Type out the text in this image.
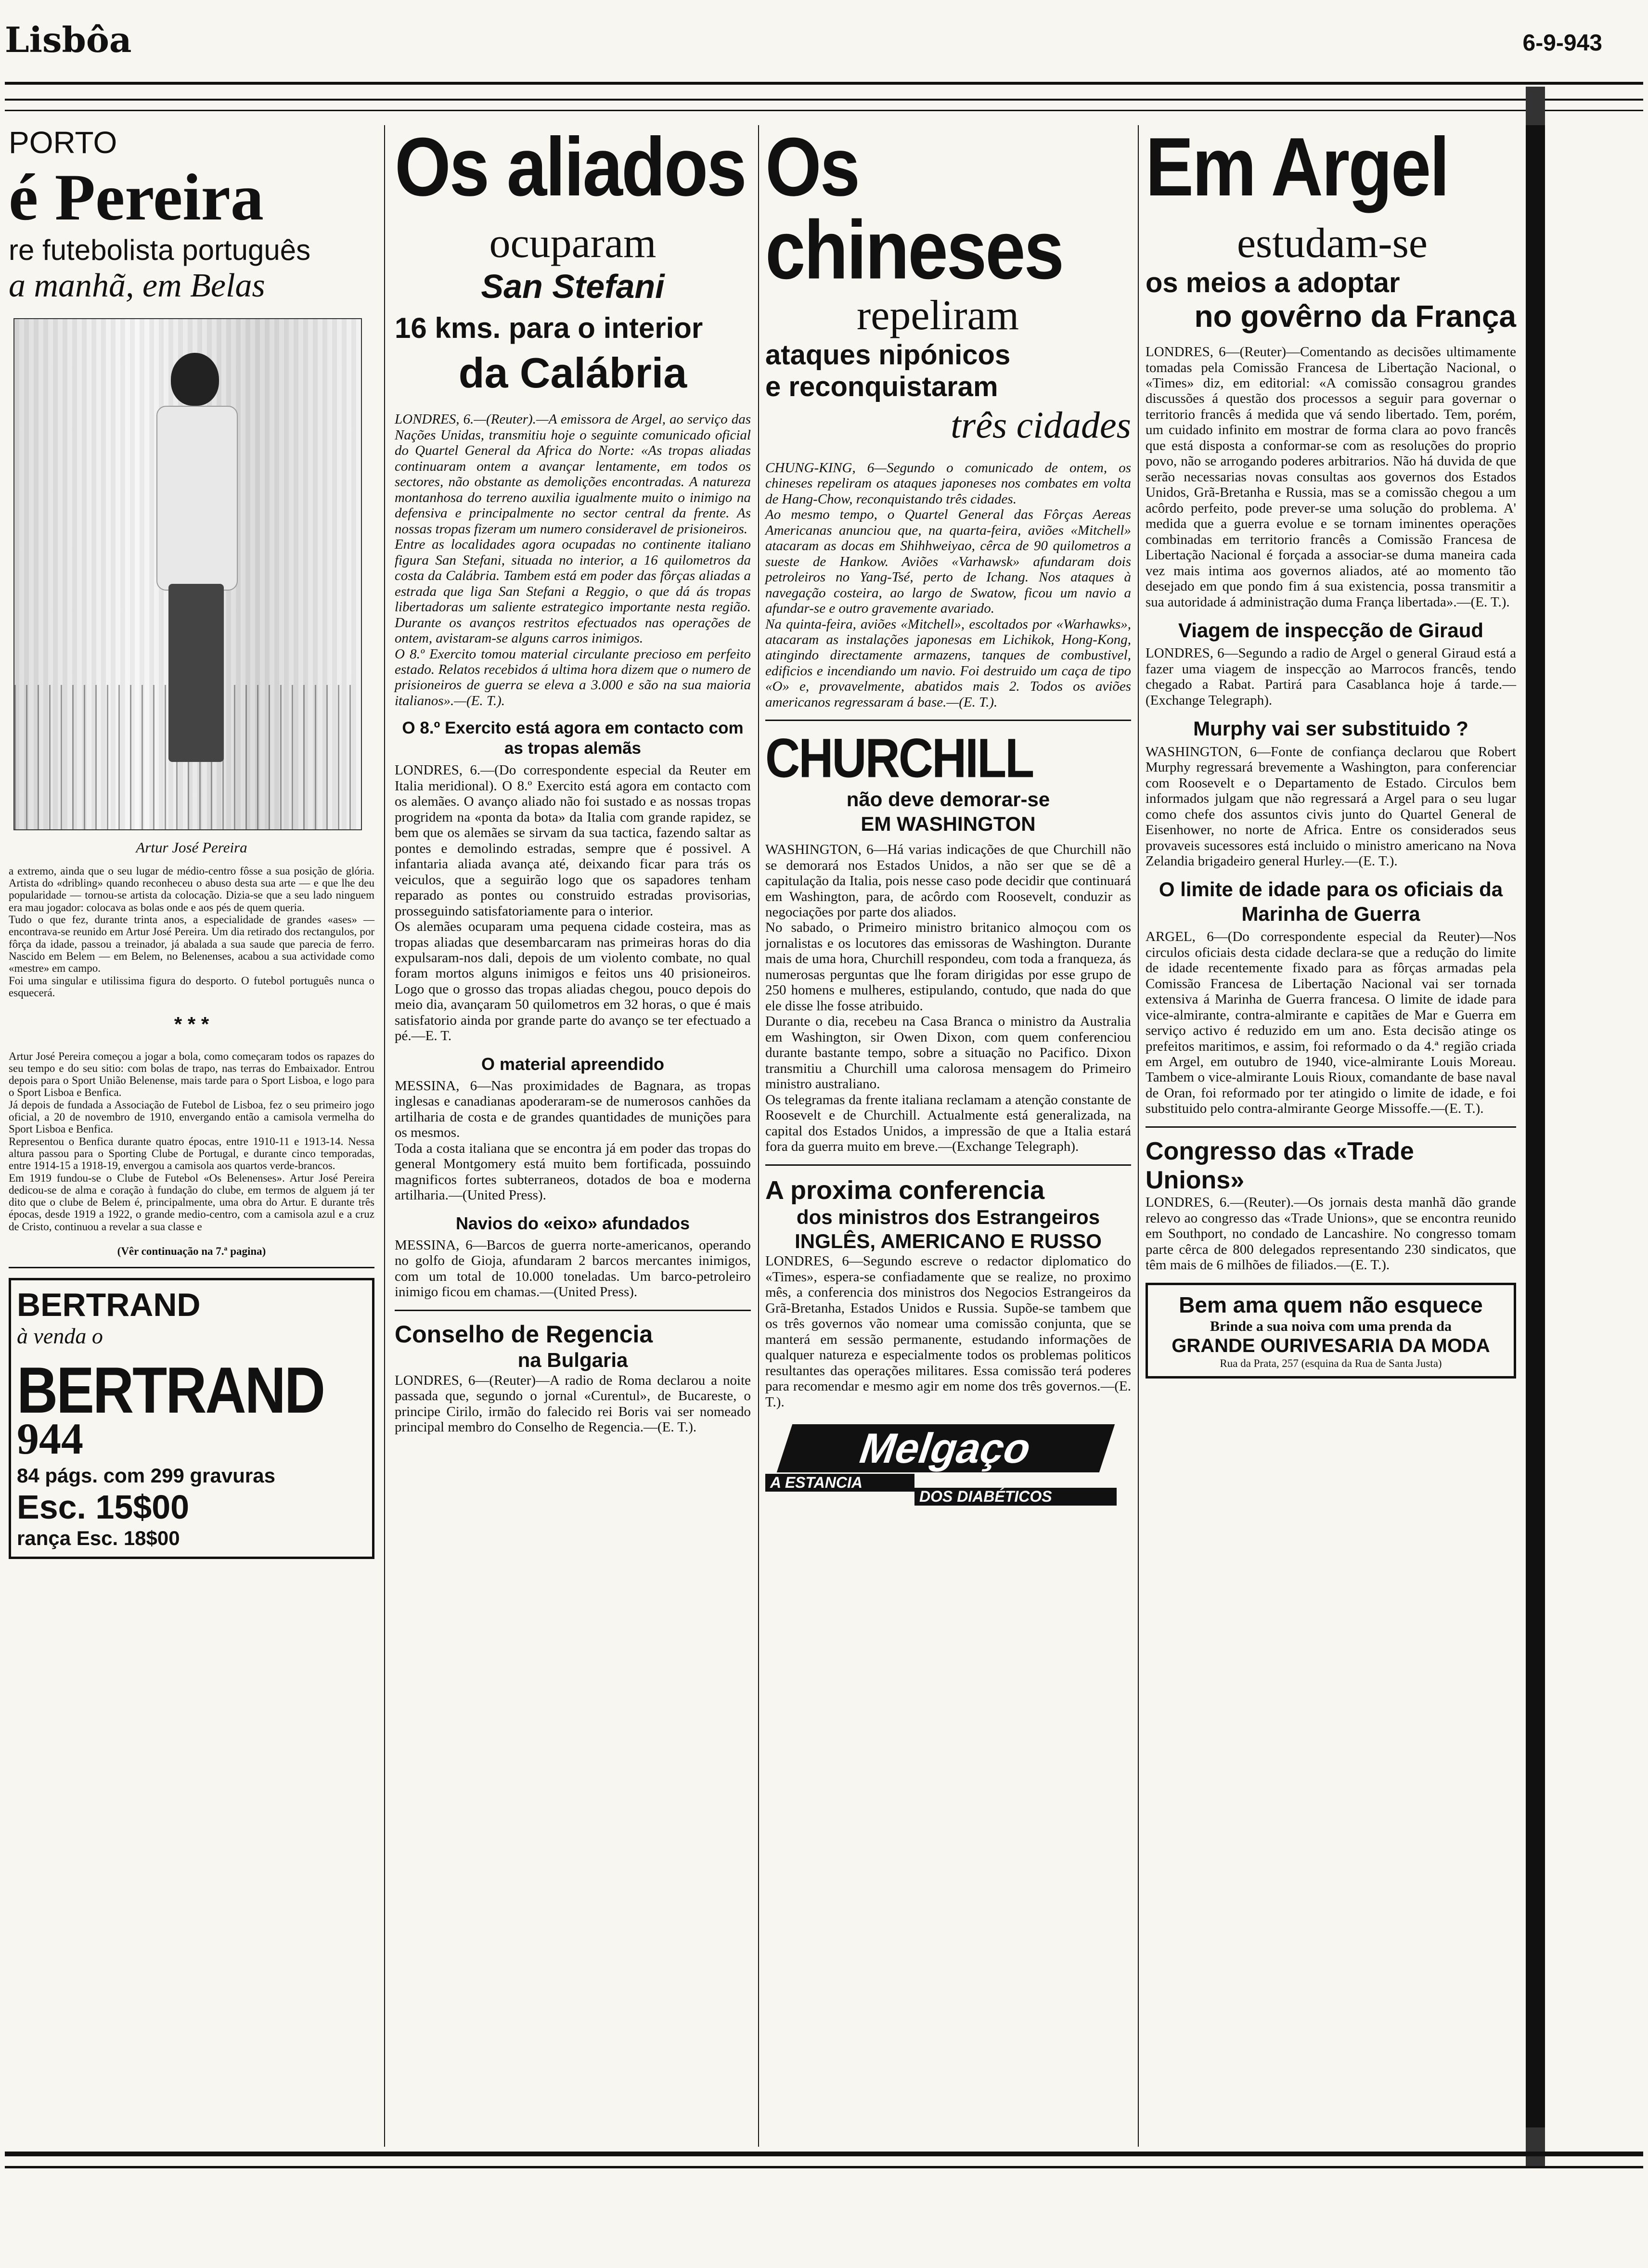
Lisbôa	6-9-943
PORTO
é Pereira
re futebolista português
a manhã, em Belas
Artur José Pereira
a extremo, ainda que o seu lugar de médio-centro fôsse a sua posição de glória. Artista do «dribling» quando reconheceu o abuso desta sua arte — e que lhe deu popularidade — tornou-se artista da colocação. Dizia-se que a seu lado ninguem era mau jogador: colocava as bolas onde e aos pés de quem queria.
Tudo o que fez, durante trinta anos, a especialidade de grandes «ases» — encontrava-se reunido em Artur José Pereira. Um dia retirado dos rectangulos, por fôrça da idade, passou a treinador, já abalada a sua saude que parecia de ferro. Nascido em Belem — em Belem, no Belenenses, acabou a sua actividade como «mestre» em campo.
Foi uma singular e utilissima figura do desporto. O futebol português nunca o esquecerá.
* * *
Artur José Pereira começou a jogar a bola, como começaram todos os rapazes do seu tempo e do seu sitio: com bolas de trapo, nas terras do Embaixador. Entrou depois para o Sport União Belenense, mais tarde para o Sport Lisboa, e logo para o Sport Lisboa e Benfica.
Já depois de fundada a Associação de Futebol de Lisboa, fez o seu primeiro jogo oficial, a 20 de novembro de 1910, envergando então a camisola vermelha do Sport Lisboa e Benfica.
Representou o Benfica durante quatro épocas, entre 1910-11 e 1913-14. Nessa altura passou para o Sporting Clube de Portugal, e durante cinco temporadas, entre 1914-15 a 1918-19, envergou a camisola aos quartos verde-brancos.
Em 1919 fundou-se o Clube de Futebol «Os Belenenses». Artur José Pereira dedicou-se de alma e coração à fundação do clube, em termos de alguem já ter dito que o clube de Belem é, principalmente, uma obra do Artur. E durante três épocas, desde 1919 a 1922, o grande medio-centro, com a camisola azul e a cruz de Cristo, continuou a revelar a sua classe e
(Vêr continuação na 7.ª pagina)
BERTRAND
à venda o
BERTRAND
944
84 págs. com 299 gravuras
Esc. 15$00
rança Esc. 18$00
Os aliados
ocuparam
San Stefani
16 kms. para o interior
da Calábria
LONDRES, 6.—(Reuter).—A emissora de Argel, ao serviço das Nações Unidas, transmitiu hoje o seguinte comunicado oficial do Quartel General da Africa do Norte: «As tropas aliadas continuaram ontem a avançar lentamente, em todos os sectores, não obstante as demolições encontradas. A natureza montanhosa do terreno auxilia igualmente muito o inimigo na defensiva e principalmente no sector central da frente. As nossas tropas fizeram um numero consideravel de prisioneiros.
Entre as localidades agora ocupadas no continente italiano figura San Stefani, situada no interior, a 16 quilometros da costa da Calábria. Tambem está em poder das fôrças aliadas a estrada que liga San Stefani a Reggio, o que dá ás tropas libertadoras um saliente estrategico importante nesta região. Durante os avanços restritos efectuados nas operações de ontem, avistaram-se alguns carros inimigos.
O 8.º Exercito tomou material circulante precioso em perfeito estado. Relatos recebidos á ultima hora dizem que o numero de prisioneiros de guerra se eleva a 3.000 e são na sua maioria italianos».—(E. T.).
O 8.º Exercito está agora em contacto com as tropas alemãs
LONDRES, 6.—(Do correspondente especial da Reuter em Italia meridional). O 8.º Exercito está agora em contacto com os alemães. O avanço aliado não foi sustado e as nossas tropas progridem na «ponta da bota» da Italia com grande rapidez, se bem que os alemães se sirvam da sua tactica, fazendo saltar as pontes e demolindo estradas, sempre que é possivel. A infantaria aliada avança até, deixando ficar para trás os veiculos, que a seguirão logo que os sapadores tenham reparado as pontes ou construido estradas provisorias, prosseguindo satisfatoriamente para o interior.
Os alemães ocuparam uma pequena cidade costeira, mas as tropas aliadas que desembarcaram nas primeiras horas do dia expulsaram-nos dali, depois de um violento combate, no qual foram mortos alguns inimigos e feitos uns 40 prisioneiros. Logo que o grosso das tropas aliadas chegou, pouco depois do meio dia, avançaram 50 quilometros em 32 horas, o que é mais satisfatorio ainda por grande parte do avanço se ter efectuado a pé.—E. T.
O material apreendido
MESSINA, 6—Nas proximidades de Bagnara, as tropas inglesas e canadianas apoderaram-se de numerosos canhões da artilharia de costa e de grandes quantidades de munições para os mesmos.
Toda a costa italiana que se encontra já em poder das tropas do general Montgomery está muito bem fortificada, possuindo magnificos fortes subterraneos, dotados de boa e moderna artilharia.—(United Press).
Navios do «eixo» afundados
MESSINA, 6—Barcos de guerra norte-americanos, operando no golfo de Gioja, afundaram 2 barcos mercantes inimigos, com um total de 10.000 toneladas. Um barco-petroleiro inimigo ficou em chamas.—(United Press).
Conselho de Regencia
na Bulgaria
LONDRES, 6—(Reuter)—A radio de Roma declarou a noite passada que, segundo o jornal «Curentul», de Bucareste, o principe Cirilo, irmão do falecido rei Boris vai ser nomeado principal membro do Conselho de Regencia.—(E. T.).
Os chineses
repeliram
ataques nipónicos
e reconquistaram
três cidades
CHUNG-KING, 6—Segundo o comunicado de ontem, os chineses repeliram os ataques japoneses nos combates em volta de Hang-Chow, reconquistando três cidades.
Ao mesmo tempo, o Quartel General das Fôrças Aereas Americanas anunciou que, na quarta-feira, aviões «Mitchell» atacaram as docas em Shihhweiyao, cêrca de 90 quilometros a sueste de Hankow. Aviões «Varhawsk» afundaram dois petroleiros no Yang-Tsé, perto de Ichang. Nos ataques à navegação costeira, ao largo de Swatow, ficou um navio a afundar-se e outro gravemente avariado.
Na quinta-feira, aviões «Mitchell», escoltados por «Warhawks», atacaram as instalações japonesas em Lichikok, Hong-Kong, atingindo directamente armazens, tanques de combustivel, edificios e incendiando um navio. Foi destruido um caça de tipo «O» e, provavelmente, abatidos mais 2. Todos os aviões americanos regressaram á base.—(E. T.).
CHURCHILL
não deve demorar-se
EM WASHINGTON
WASHINGTON, 6—Há varias indicações de que Churchill não se demorará nos Estados Unidos, a não ser que se dê a capitulação da Italia, pois nesse caso pode decidir que continuará em Washington, para, de acôrdo com Roosevelt, conduzir as negociações por parte dos aliados.
No sabado, o Primeiro ministro britanico almoçou com os jornalistas e os locutores das emissoras de Washington. Durante mais de uma hora, Churchill respondeu, com toda a franqueza, ás numerosas perguntas que lhe foram dirigidas por esse grupo de 250 homens e mulheres, estipulando, contudo, que nada do que ele disse lhe fosse atribuido.
Durante o dia, recebeu na Casa Branca o ministro da Australia em Washington, sir Owen Dixon, com quem conferenciou durante bastante tempo, sobre a situação no Pacifico. Dixon transmitiu a Churchill uma calorosa mensagem do Primeiro ministro australiano.
Os telegramas da frente italiana reclamam a atenção constante de Roosevelt e de Churchill. Actualmente está generalizada, na capital dos Estados Unidos, a impressão de que a Italia estará fora da guerra muito em breve.—(Exchange Telegraph).
A proxima conferencia
dos ministros dos Estrangeiros
INGLÊS, AMERICANO E RUSSO
LONDRES, 6—Segundo escreve o redactor diplomatico do «Times», espera-se confiadamente que se realize, no proximo mês, a conferencia dos ministros dos Negocios Estrangeiros da Grã-Bretanha, Estados Unidos e Russia. Supõe-se tambem que os três governos vão nomear uma comissão conjunta, que se manterá em sessão permanente, estudando informações de qualquer natureza e especialmente todos os problemas politicos resultantes das operações militares. Essa comissão terá poderes para recomendar e mesmo agir em nome dos três governos.—(E. T.).
Melgaço
A ESTANCIA
DOS DIABÉTICOS
Em Argel
estudam-se
os meios a adoptar
no govêrno da França
LONDRES, 6—(Reuter)—Comentando as decisões ultimamente tomadas pela Comissão Francesa de Libertação Nacional, o «Times» diz, em editorial: «A comissão consagrou grandes discussões á questão dos processos a seguir para governar o territorio francês á medida que vá sendo libertado. Tem, porém, um cuidado infinito em mostrar de forma clara ao povo francês que está disposta a conformar-se com as resoluções do proprio povo, não se arrogando poderes arbitrarios. Não há duvida de que serão necessarias novas consultas aos governos dos Estados Unidos, Grã-Bretanha e Russia, mas se a comissão chegou a um acôrdo perfeito, pode prever-se uma solução do problema. A' medida que a guerra evolue e se tornam iminentes operações combinadas em territorio francês a Comissão Francesa de Libertação Nacional é forçada a associar-se duma maneira cada vez mais intima aos governos aliados, até ao momento tão desejado em que pondo fim á sua existencia, possa transmitir a sua autoridade á administração duma França libertada».—(E. T.).
Viagem de inspecção de Giraud
LONDRES, 6—Segundo a radio de Argel o general Giraud está a fazer uma viagem de inspecção ao Marrocos francês, tendo chegado a Rabat. Partirá para Casablanca hoje á tarde.—(Exchange Telegraph).
Murphy vai ser substituido ?
WASHINGTON, 6—Fonte de confiança declarou que Robert Murphy regressará brevemente a Washington, para conferenciar com Roosevelt e o Departamento de Estado. Circulos bem informados julgam que não regressará a Argel para o seu lugar como chefe dos assuntos civis junto do Quartel General de Eisenhower, no norte de Africa. Entre os considerados seus provaveis sucessores está incluido o ministro americano na Nova Zelandia brigadeiro general Hurley.—(E. T.).
O limite de idade para os oficiais da Marinha de Guerra
ARGEL, 6—(Do correspondente especial da Reuter)—Nos circulos oficiais desta cidade declara-se que a redução do limite de idade recentemente fixado para as fôrças armadas pela Comissão Francesa de Libertação Nacional vai ser tornada extensiva á Marinha de Guerra francesa. O limite de idade para vice-almirante, contra-almirante e capitães de Mar e Guerra em serviço activo é reduzido em um ano. Esta decisão atinge os prefeitos maritimos, e assim, foi reformado o da 4.ª região criada em Argel, em outubro de 1940, vice-almirante Louis Moreau. Tambem o vice-almirante Louis Rioux, comandante de base naval de Oran, foi reformado por ter atingido o limite de idade, e foi substituido pelo contra-almirante George Missoffe.—(E. T.).
Congresso das «Trade Unions»
LONDRES, 6.—(Reuter).—Os jornais desta manhã dão grande relevo ao congresso das «Trade Unions», que se encontra reunido em Southport, no condado de Lancashire. No congresso tomam parte cêrca de 800 delegados representando 230 sindicatos, que têm mais de 6 milhões de filiados.—(E. T.).
Bem ama quem não esquece
Brinde a sua noiva com uma prenda da
GRANDE OURIVESARIA DA MODA
Rua da Prata, 257 (esquina da Rua de Santa Justa)
